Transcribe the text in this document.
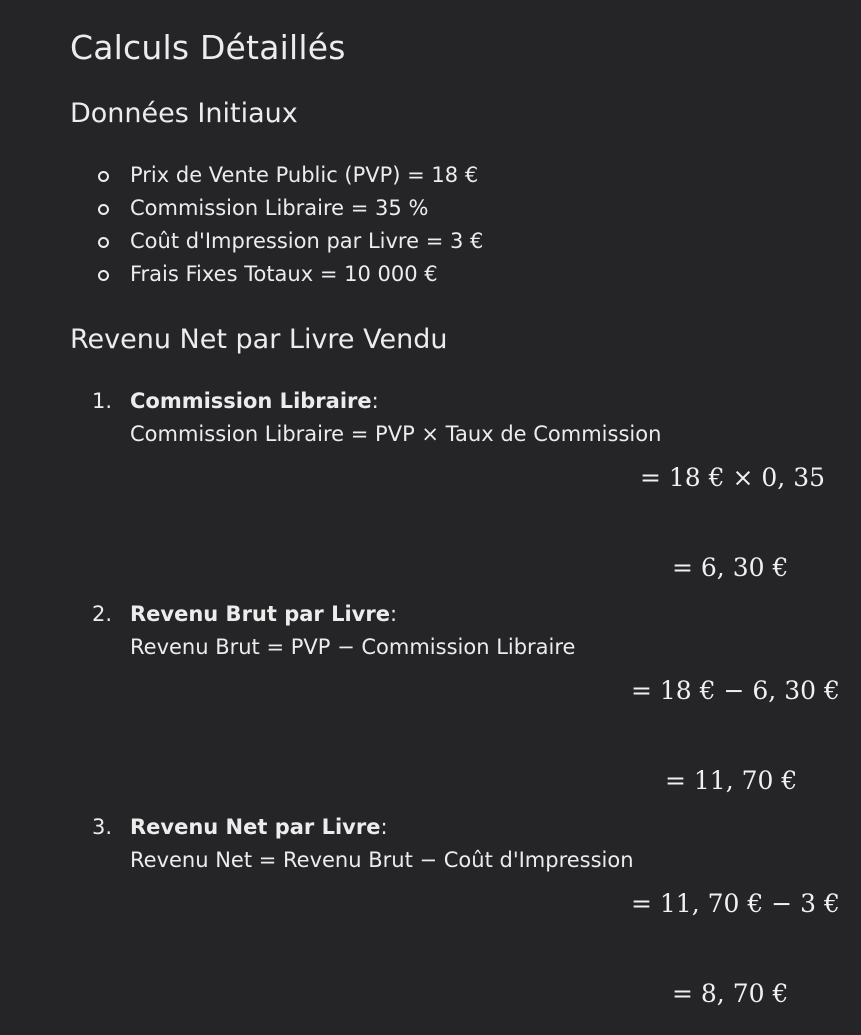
Calculs Détaillés
Données Initiaux
Prix de Vente Public (PVP) = 18 €
Commission Libraire = 35 %
Coût d'Impression par Livre = 3 €
Frais Fixes Totaux = 10 000 €
Revenu Net par Livre Vendu
1. Commission Libraire:
Commission Libraire = PVP × Taux de Commission
= 18 € × 0, 35
= 6, 30 €
2. Revenu Brut par Livre:
Revenu Brut = PVP − Commission Libraire
= 18 € − 6, 30 €
= 11, 70 €
3. Revenu Net par Livre:
Revenu Net = Revenu Brut − Coût d'Impression
= 11, 70 € − 3 €
= 8, 70 €
